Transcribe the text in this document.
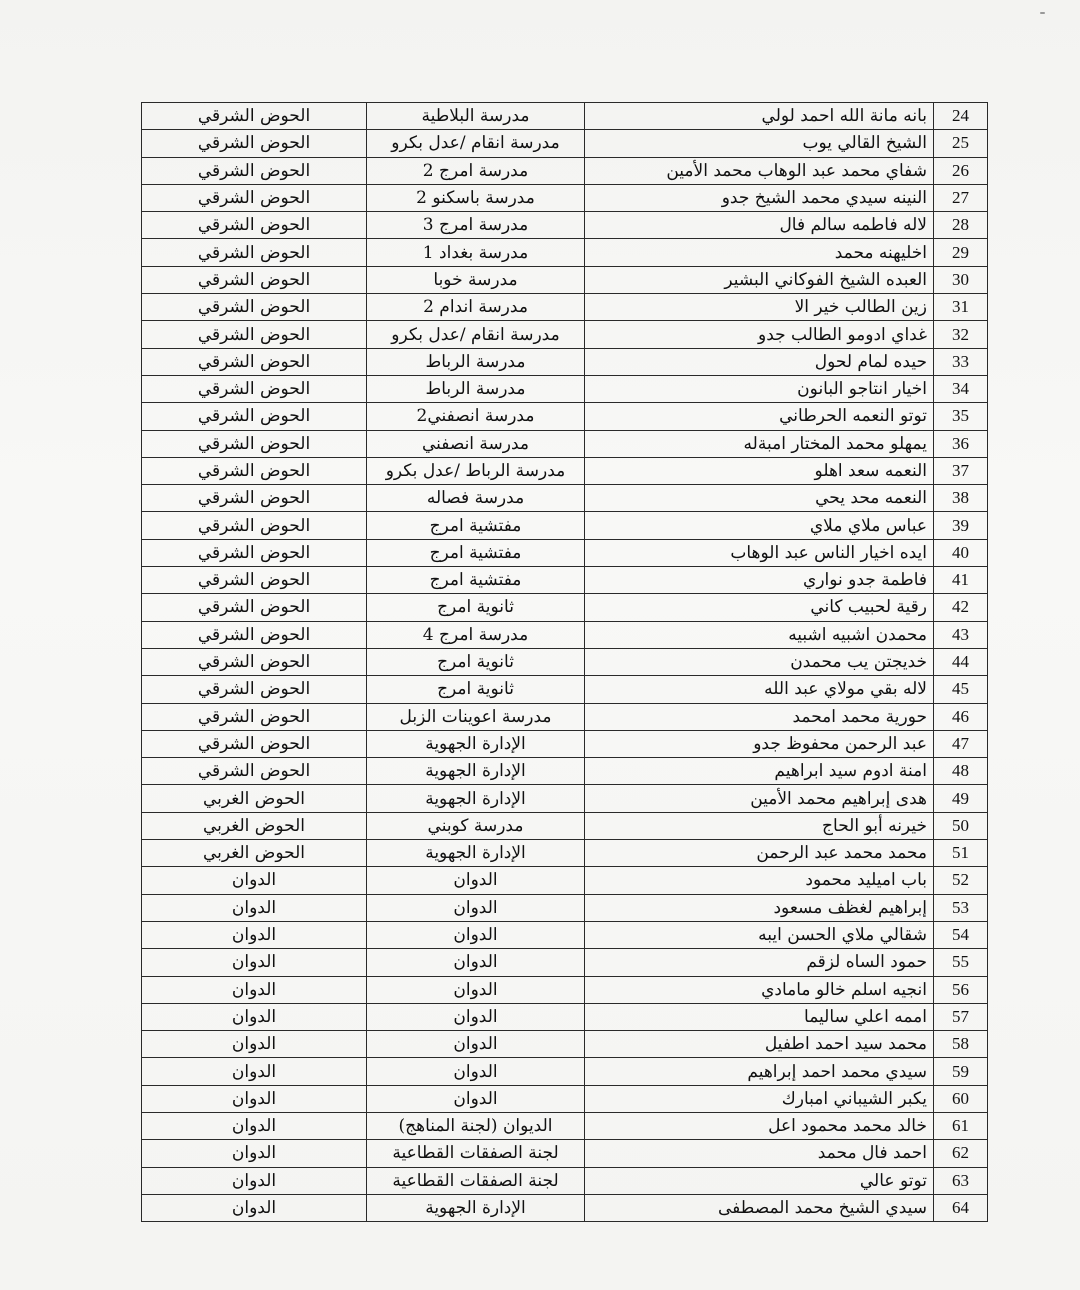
24	بانه مانة الله احمد لولي	مدرسة البلاطية	الحوض الشرقي
25	الشيخ القالي يوب	مدرسة انقام /عدل بكرو	الحوض الشرقي
26	شفاي محمد عبد الوهاب محمد الأمين	مدرسة امرج 2	الحوض الشرقي
27	النينه سيدي محمد الشيخ جدو	مدرسة باسكنو 2	الحوض الشرقي
28	لاله فاطمه سالم فال	مدرسة امرج 3	الحوض الشرقي
29	اخليهنه محمد	مدرسة بغداد 1	الحوض الشرقي
30	العبده الشيخ الفوكاني البشير	مدرسة خوبا	الحوض الشرقي
31	زين الطالب خير الا	مدرسة اندام 2	الحوض الشرقي
32	غداي ادومو الطالب جدو	مدرسة انقام /عدل بكرو	الحوض الشرقي
33	حيده لمام لحول	مدرسة الرباط	الحوض الشرقي
34	اخيار انتاجو البانون	مدرسة الرباط	الحوض الشرقي
35	توتو النعمه الحرطاني	مدرسة انصفني2	الحوض الشرقي
36	يمهلو محمد المختار امبةله	مدرسة انصفني	الحوض الشرقي
37	النعمه سعد اهلو	مدرسة الرباط /عدل بكرو	الحوض الشرقي
38	النعمه محد يحي	مدرسة فصاله	الحوض الشرقي
39	عباس ملاي ملاي	مفتشية امرج	الحوض الشرقي
40	ايده اخيار الناس عبد الوهاب	مفتشية امرج	الحوض الشرقي
41	فاطمة جدو نواري	مفتشية امرج	الحوض الشرقي
42	رقية لحبيب كاني	ثانوية امرج	الحوض الشرقي
43	محمدن اشبيه اشبيه	مدرسة امرج 4	الحوض الشرقي
44	خديجتن يب محمدن	ثانوية امرج	الحوض الشرقي
45	لاله بقي مولاي عبد الله	ثانوية امرج	الحوض الشرقي
46	حورية محمد امحمد	مدرسة اعوينات الزبل	الحوض الشرقي
47	عبد الرحمن محفوظ جدو	الإدارة الجهوية	الحوض الشرقي
48	امنة ادوم سيد ابراهيم	الإدارة الجهوية	الحوض الشرقي
49	هدى إبراهيم محمد الأمين	الإدارة الجهوية	الحوض الغربي
50	خيرنه أبو الحاج	مدرسة كوبني	الحوض الغربي
51	محمد محمد عبد الرحمن	الإدارة الجهوية	الحوض الغربي
52	باب اميليد محمود	الدوان	الدوان
53	إبراهيم لغظف مسعود	الدوان	الدوان
54	شقالي ملاي الحسن ايبه	الدوان	الدوان
55	حمود الساه لزقم	الدوان	الدوان
56	انجيه اسلم خالو مامادي	الدوان	الدوان
57	اممه اعلي ساليما	الدوان	الدوان
58	محمد سيد احمد اطفيل	الدوان	الدوان
59	سيدي محمد احمد إبراهيم	الدوان	الدوان
60	يكبر الشيباني امبارك	الدوان	الدوان
61	خالد محمد محمود اعل	الديوان (لجنة المناهج)	الدوان
62	احمد فال محمد	لجنة الصفقات القطاعية	الدوان
63	توتو عالي	لجنة الصفقات القطاعية	الدوان
64	سيدي الشيخ محمد المصطفى	الإدارة الجهوية	الدوان
